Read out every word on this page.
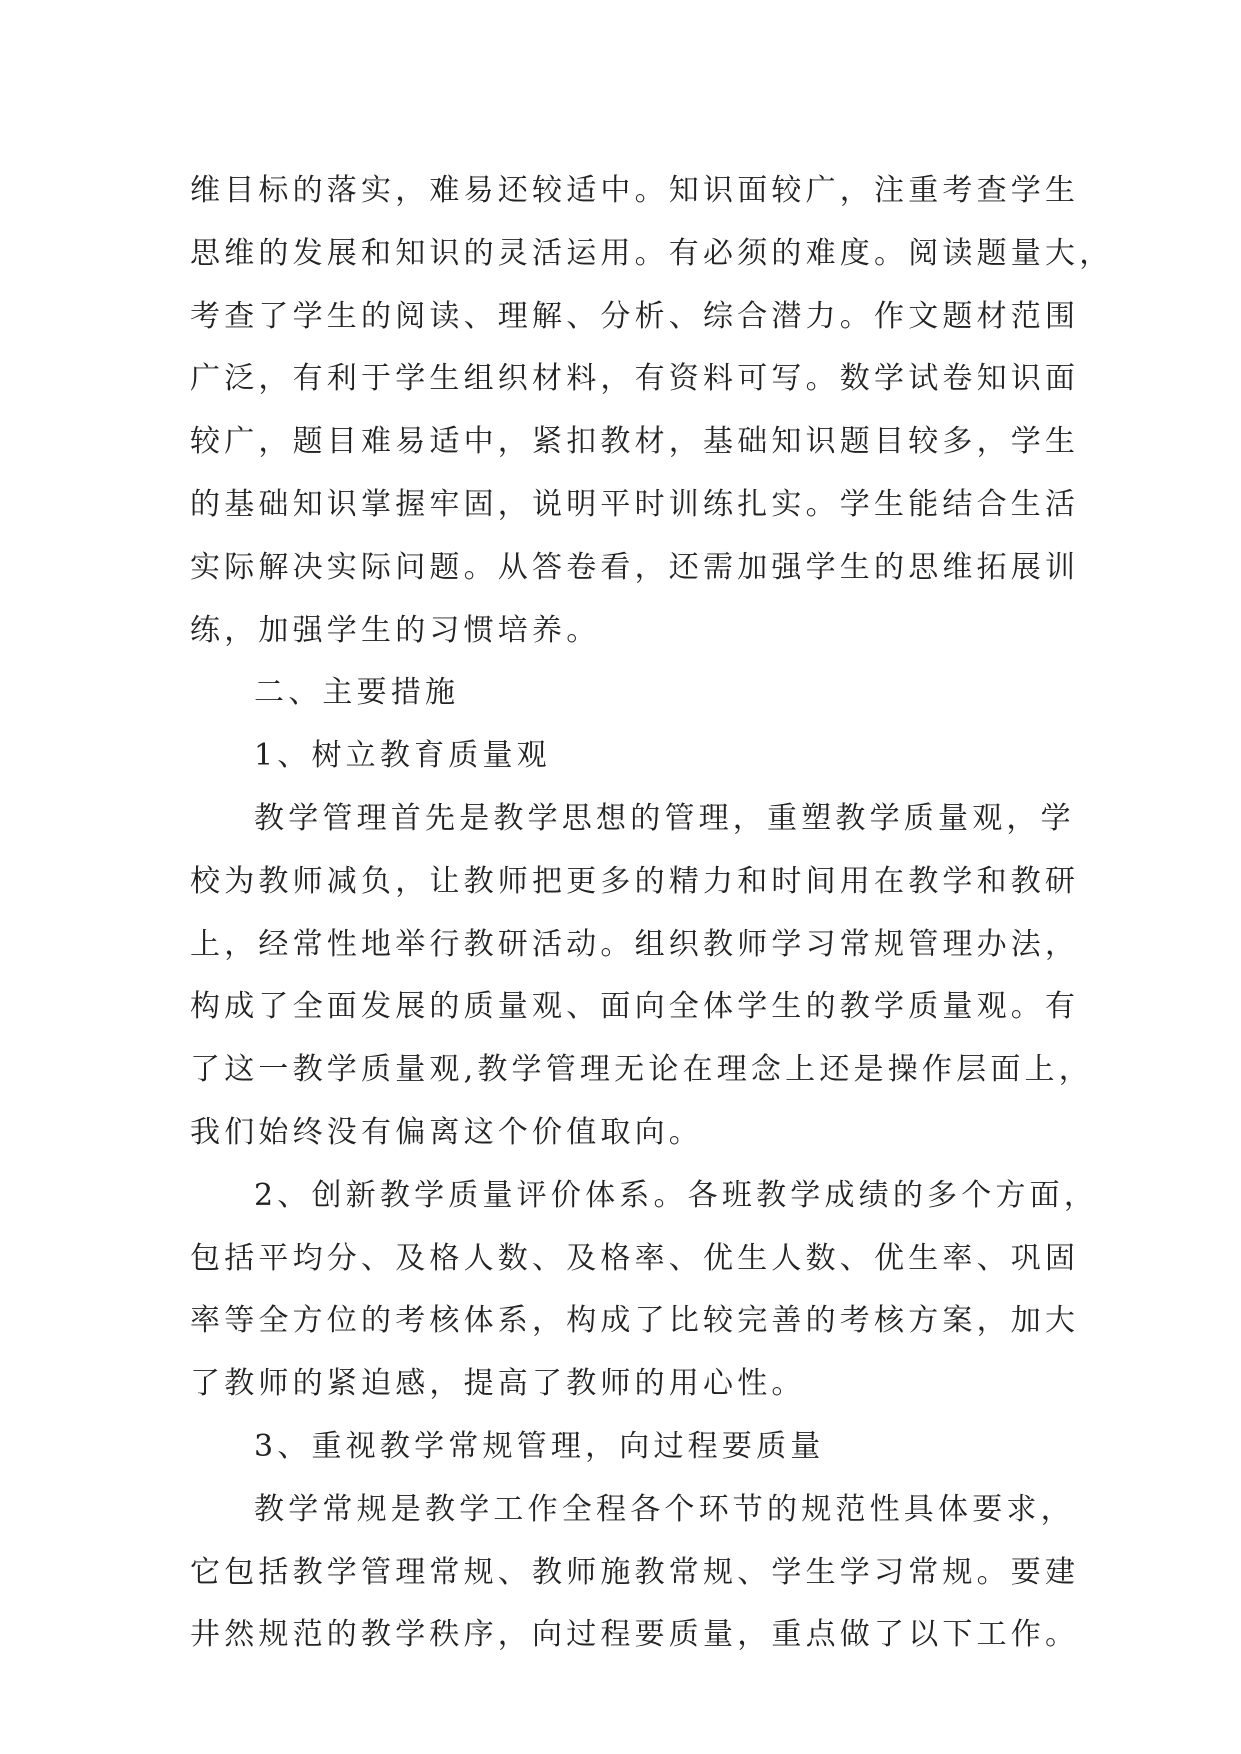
维目标的落实，难易还较适中。知识面较广，注重考查学生
思维的发展和知识的灵活运用。有必须的难度。阅读题量大，
考查了学生的阅读、理解、分析、综合潜力。作文题材范围
广泛，有利于学生组织材料，有资料可写。数学试卷知识面
较广，题目难易适中，紧扣教材，基础知识题目较多，学生
的基础知识掌握牢固，说明平时训练扎实。学生能结合生活
实际解决实际问题。从答卷看，还需加强学生的思维拓展训
练，加强学生的习惯培养。
二、主要措施
1、树立教育质量观
教学管理首先是教学思想的管理，重塑教学质量观，学
校为教师减负，让教师把更多的精力和时间用在教学和教研
上，经常性地举行教研活动。组织教师学习常规管理办法，
构成了全面发展的质量观、面向全体学生的教学质量观。有
了这一教学质量观,教学管理无论在理念上还是操作层面上，
我们始终没有偏离这个价值取向。
2、创新教学质量评价体系。各班教学成绩的多个方面，
包括平均分、及格人数、及格率、优生人数、优生率、巩固
率等全方位的考核体系，构成了比较完善的考核方案，加大
了教师的紧迫感，提高了教师的用心性。
3、重视教学常规管理，向过程要质量
教学常规是教学工作全程各个环节的规范性具体要求，
它包括教学管理常规、教师施教常规、学生学习常规。要建
井然规范的教学秩序，向过程要质量，重点做了以下工作。
